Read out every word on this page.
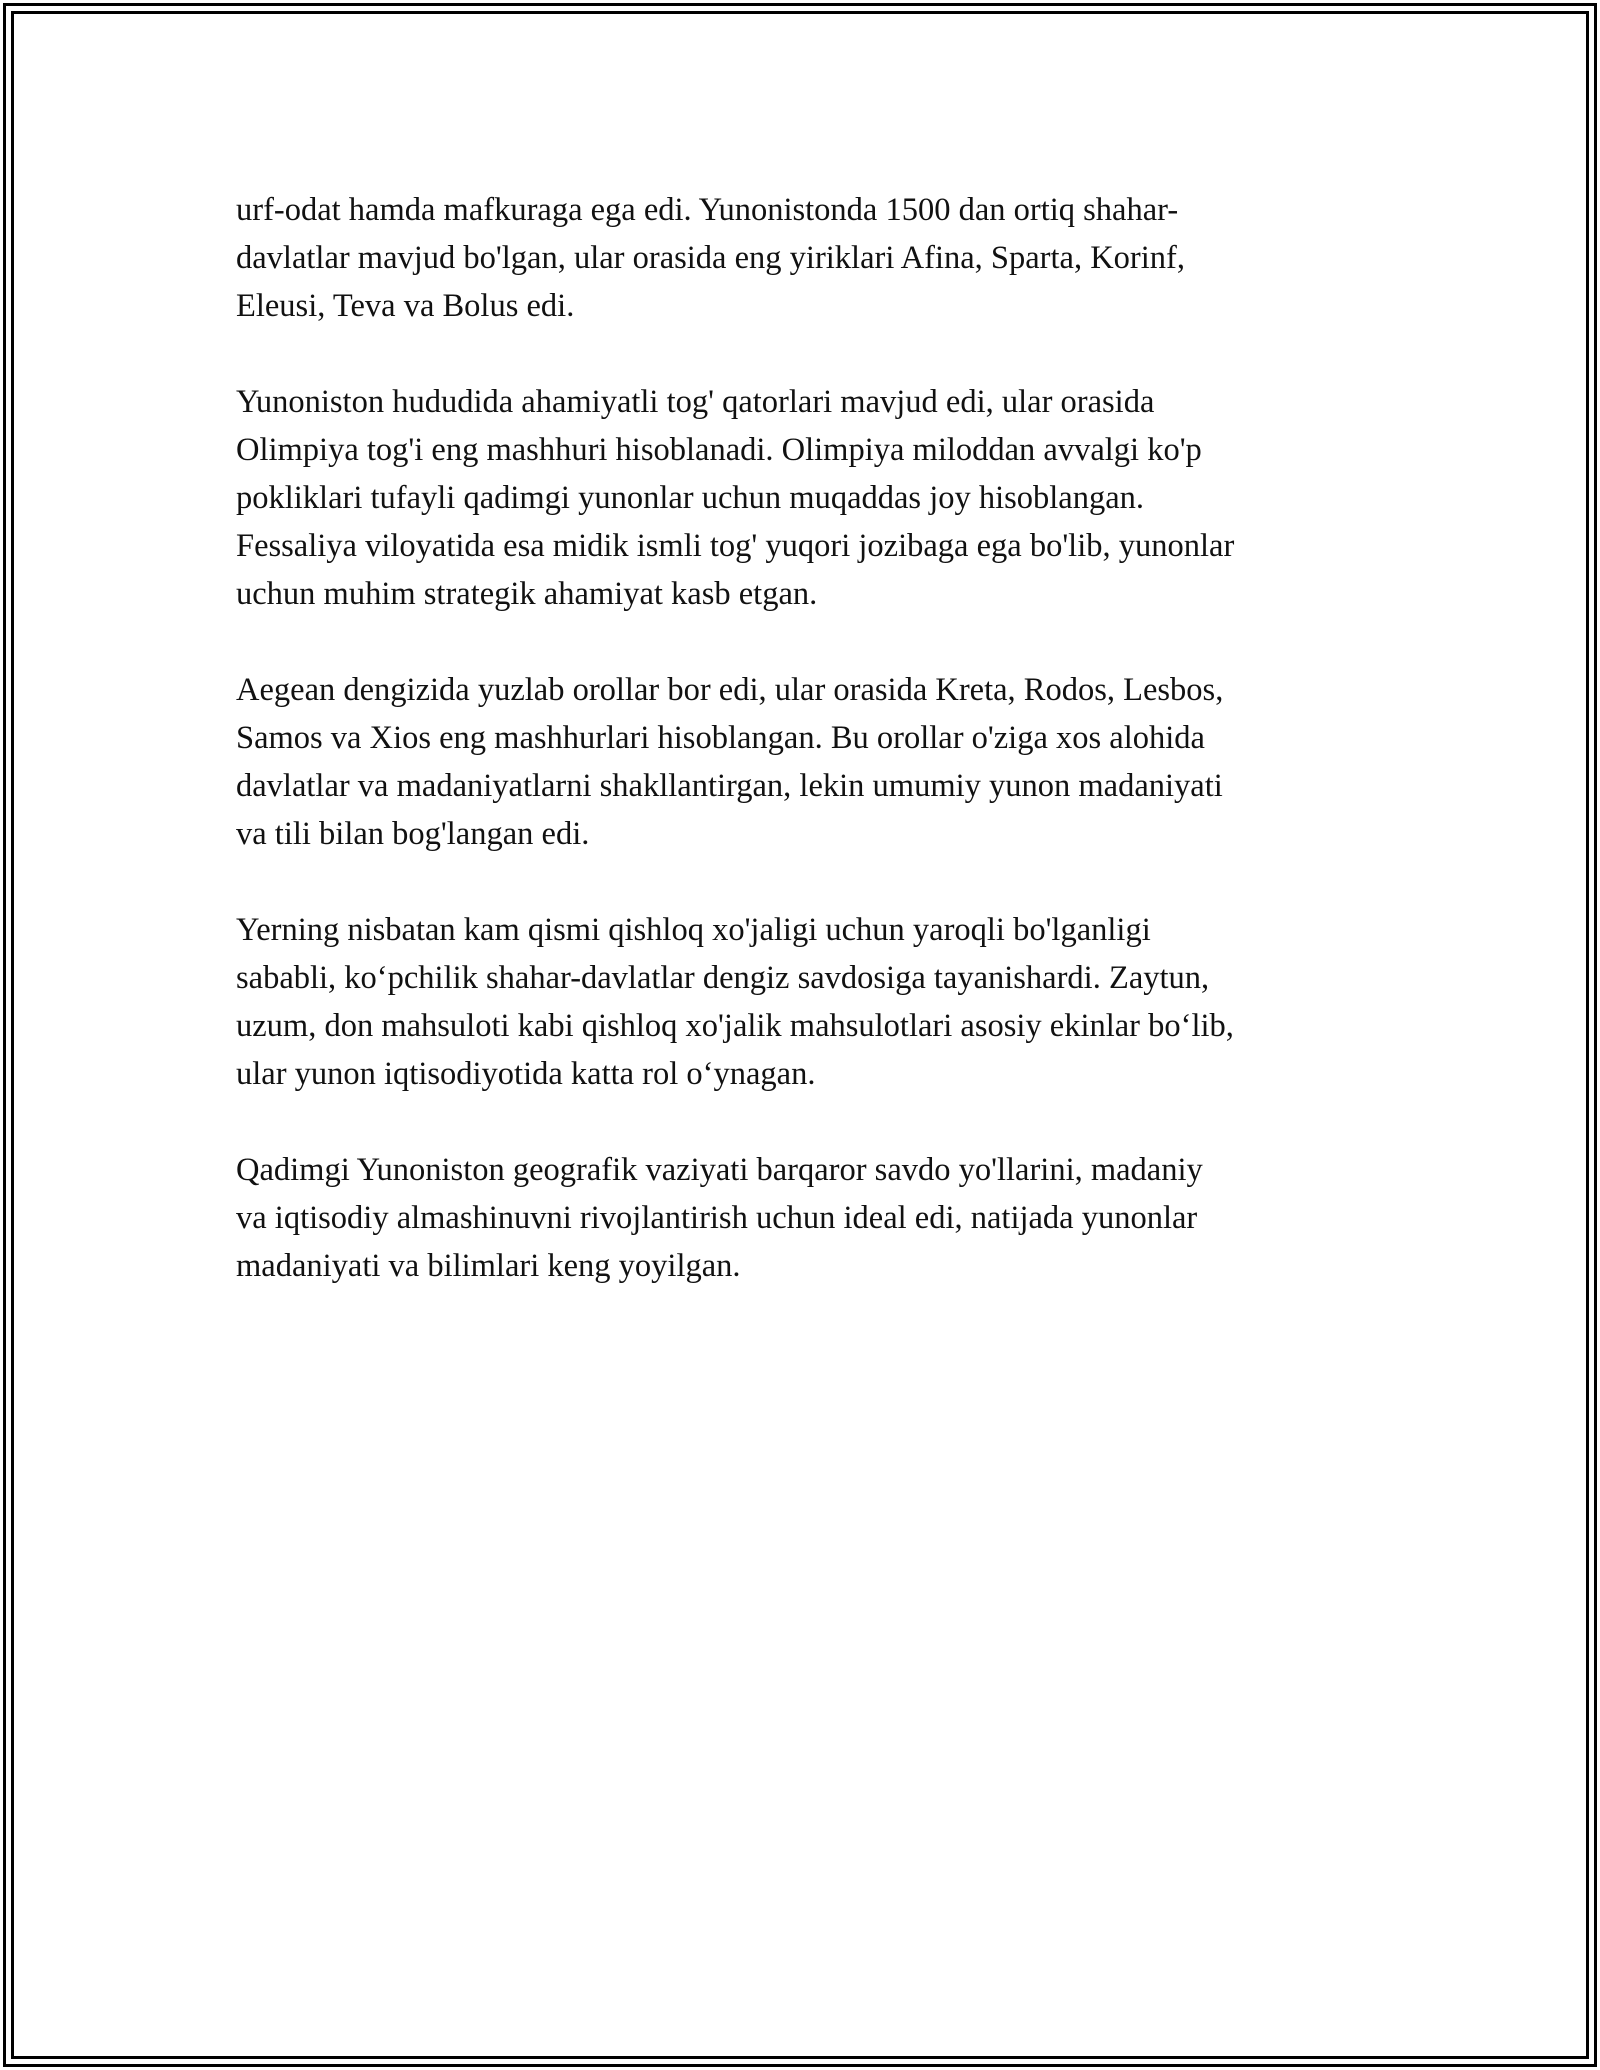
urf-odat hamda mafkuraga ega edi. Yunonistonda 1500 dan ortiq shahar-
davlatlar mavjud bo'lgan, ular orasida eng yiriklari Afina, Sparta, Korinf,
Eleusi, Teva va Bolus edi.

Yunoniston hududida ahamiyatli tog' qatorlari mavjud edi, ular orasida
Olimpiya tog'i eng mashhuri hisoblanadi. Olimpiya miloddan avvalgi ko'p
pokliklari tufayli qadimgi yunonlar uchun muqaddas joy hisoblangan.
Fessaliya viloyatida esa midik ismli tog' yuqori jozibaga ega bo'lib, yunonlar
uchun muhim strategik ahamiyat kasb etgan.

Aegean dengizida yuzlab orollar bor edi, ular orasida Kreta, Rodos, Lesbos,
Samos va Xios eng mashhurlari hisoblangan. Bu orollar o'ziga xos alohida
davlatlar va madaniyatlarni shakllantirgan, lekin umumiy yunon madaniyati
va tili bilan bog'langan edi.

Yerning nisbatan kam qismi qishloq xo'jaligi uchun yaroqli bo'lganligi
sababli, ko‘pchilik shahar-davlatlar dengiz savdosiga tayanishardi. Zaytun,
uzum, don mahsuloti kabi qishloq xo'jalik mahsulotlari asosiy ekinlar bo‘lib,
ular yunon iqtisodiyotida katta rol o‘ynagan.

Qadimgi Yunoniston geografik vaziyati barqaror savdo yo'llarini, madaniy
va iqtisodiy almashinuvni rivojlantirish uchun ideal edi, natijada yunonlar
madaniyati va bilimlari keng yoyilgan.
